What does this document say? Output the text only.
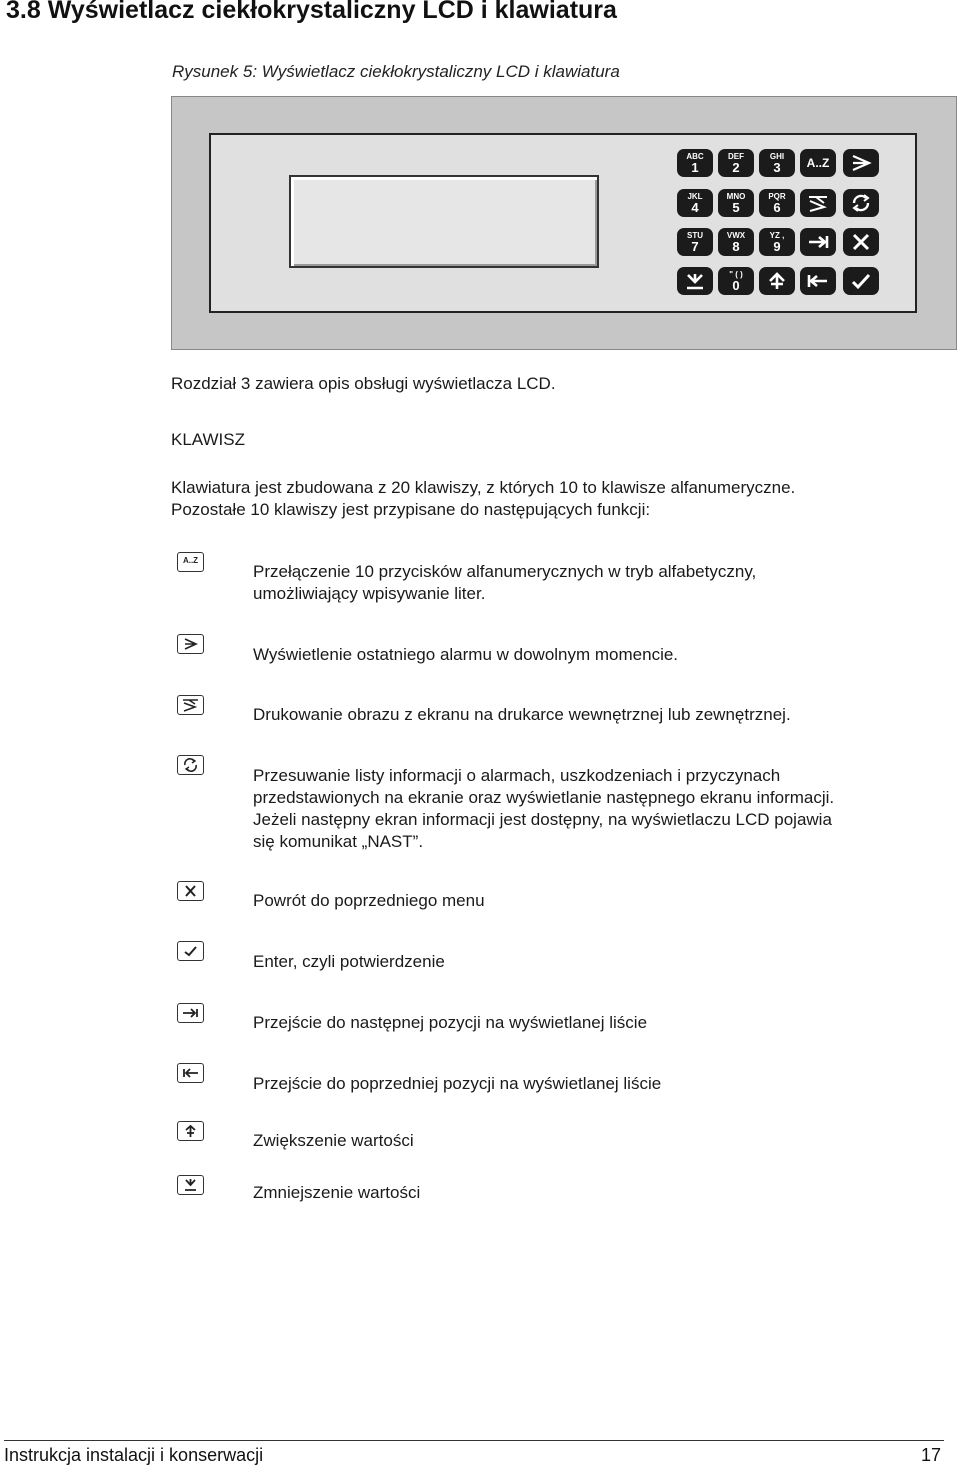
3.8 Wyświetlacz ciekłokrystaliczny LCD i klawiatura
Rysunek 5: Wyświetlacz ciekłokrystaliczny LCD i klawiatura
ABC
1
DEF
2
GHI
3	A..Z
JKL
4
MNO
5
PQR
6
STU
7
VWX
8
YZ ,
9
" ( )
0
Rozdział 3 zawiera opis obsługi wyświetlacza LCD.
KLAWISZ
Klawiatura jest zbudowana z 20 klawiszy, z których 10 to klawisze alfanumeryczne.
Pozostałe 10 klawiszy jest przypisane do następujących funkcji:
A..Z
Przełączenie 10 przycisków alfanumerycznych w tryb alfabetyczny,
umożliwiający wpisywanie liter.
Wyświetlenie ostatniego alarmu w dowolnym momencie.
Drukowanie obrazu z ekranu na drukarce wewnętrznej lub zewnętrznej.
Przesuwanie listy informacji o alarmach, uszkodzeniach i przyczynach
przedstawionych na ekranie oraz wyświetlanie następnego ekranu informacji.
Jeżeli następny ekran informacji jest dostępny, na wyświetlaczu LCD pojawia
się komunikat „NAST”.
Powrót do poprzedniego menu
Enter, czyli potwierdzenie
Przejście do następnej pozycji na wyświetlanej liście
Przejście do poprzedniej pozycji na wyświetlanej liście
Zwiększenie wartości
Zmniejszenie wartości
Instrukcja instalacji i konserwacji	17
